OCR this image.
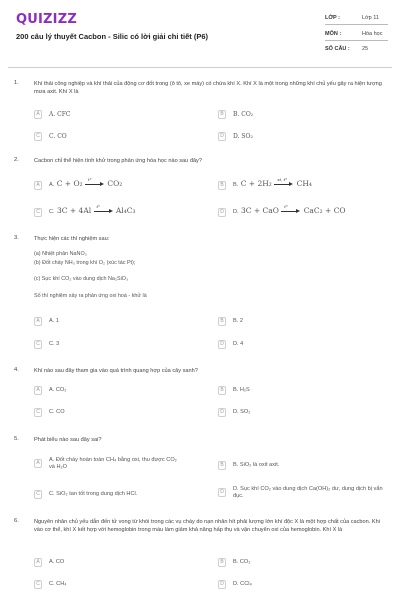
QUIZIZZ
200 câu lý thuyết Cacbon - Silic có lời giải chi tiết (P6)
LỚP :	Lớp 11
MÔN :	Hóa học
SỐ CÂU : 25
1.	Khí thải công nghiệp và khí thải của động cơ đốt trong (ô tô, xe máy) có chứa khí X. Khí X là một trong những khí chủ yếu gây ra hiện tượng mưa axit. Khí X là
A	A. CFC	B	B. CO₂
C	C. CO	D	D. SO₂
2.	Cacbon chỉ thể hiện tính khử trong phản ứng hóa học nào sau đây?
A	A. C + O₂ t° CO₂	B	B. C + 2H₂ xt, t° CH₄
C	C. 3C + 4Al t° Al₄C₃	D	D. 3C + CaO t° CaC₂ + CO
3.	Thực hiện các thí nghiệm sau:
(a) Nhiệt phân NaNO₃
(b) Đốt cháy NH₃ trong khí O₂ (xúc tác Pt);
(c) Sục khí CO₂ vào dung dịch Na₂SiO₃
Số thí nghiệm xảy ra phản ứng oxi hoá - khử là
A	A. 1	B	B. 2
C	C. 3	D	D. 4
4.	Khí nào sau đây tham gia vào quá trình quang hợp của cây xanh?
A	A. CO₂	B	B. H₂S
C	C. CO	D	D. SO₂
5.	Phát biểu nào sau đây sai?
A	A. Đốt cháy hoàn toàn CH₄ bằng oxi, thu được CO₂ và H₂O	B	B. SiO₂ là oxit axit.
C	C. SiO₂ tan tốt trong dung dịch HCl.	D	D. Sục khí CO₂ vào dung dịch Ca(OH)₂ dư, dung dịch bị vẩn đục.
6.	Nguyên nhân chủ yếu dẫn đến tử vong từ khói trong các vụ cháy do nạn nhân hít phải lượng lớn khí độc X là một hợp chất của cacbon. Khi vào cơ thể, khí X kết hợp với hemoglobin trong máu làm giảm khả năng hấp thụ và vận chuyển oxi của hemoglobin. Khí X là
A	A. CO	B	B. CO₂
C	C. CH₄	D	D. CCl₄
